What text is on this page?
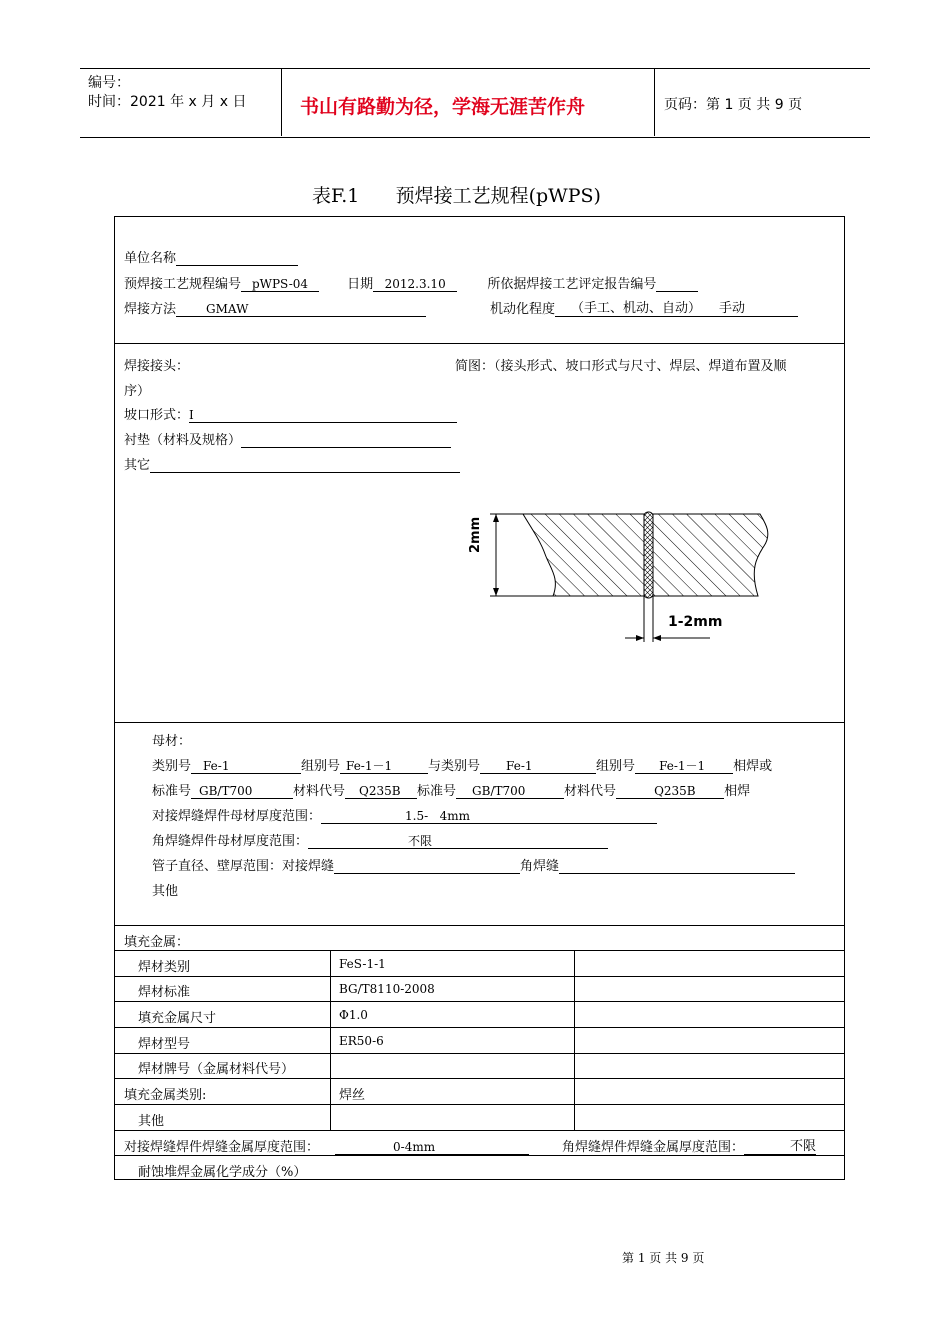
编号：
时间：2021 年 x 月 x 日	书山有路勤为径，学海无涯苦作舟	页码：第 1 页 共 9 页
表F.1      预焊接工艺规程(pWPS)
单位名称
预焊接工艺规程编号 pWPS-04	日期 2012.3.10	所依据焊接工艺评定报告编号
焊接方法	GMAW	机动化程度 （手工、机动、自动） 手动
焊接接头：	简图：（接头形式、坡口形式与尺寸、焊层、焊道布置及顺
序）
坡口形式：I
衬垫（材料及规格）
其它
2mm
1-2mm
母材：
类别号 Fe-1	组别号 Fe-1－1	与类别号 Fe-1	组别号 Fe-1－1 相焊或
标准号 GB/T700	材料代号 Q235B 标准号 GB/T700	材料代号	Q235B 相焊
对接焊缝焊件母材厚度范围：	1.5-   4mm
角焊缝焊件母材厚度范围：	不限
管子直径、壁厚范围：对接焊缝	角焊缝
其他
填充金属：
焊材类别	FeS-1-1
焊材标准	BG/T8110-2008
填充金属尺寸	Φ1.0
焊材型号	ER50-6
焊材牌号（金属材料代号）
填充金属类别:	焊丝
其他
对接焊缝焊件焊缝金属厚度范围：	0-4mm	角焊缝焊件焊缝金属厚度范围：	不限
耐蚀堆焊金属化学成分（%）
第 1 页 共 9 页
